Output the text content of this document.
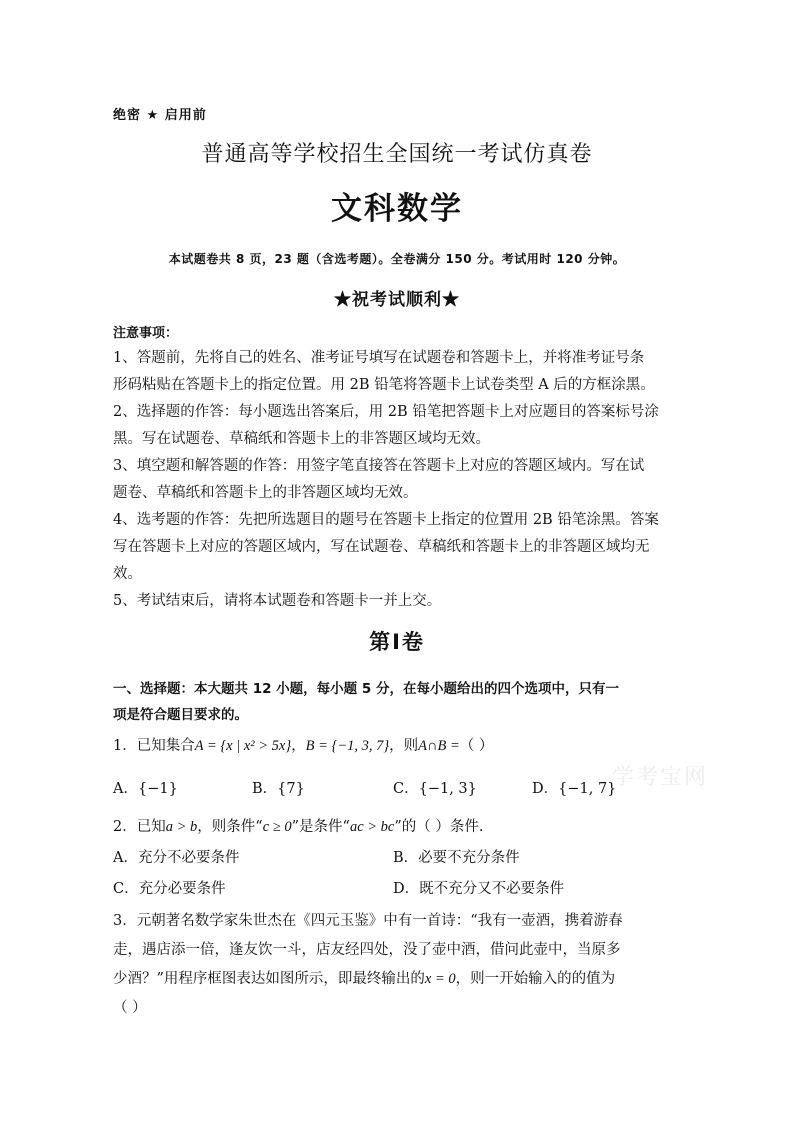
绝密 ★ 启用前
普通高等学校招生全国统一考试仿真卷
文科数学
本试题卷共 8 页，23 题（含选考题）。全卷满分 150 分。考试用时 120 分钟。
★祝考试顺利★
注意事项：
1、答题前，先将自己的姓名、准考证号填写在试题卷和答题卡上，并将准考证号条
形码粘贴在答题卡上的指定位置。用 2B 铅笔将答题卡上试卷类型 A 后的方框涂黑。
2、选择题的作答：每小题选出答案后，用 2B 铅笔把答题卡上对应题目的答案标号涂
黑。写在试题卷、草稿纸和答题卡上的非答题区域均无效。
3、填空题和解答题的作答：用签字笔直接答在答题卡上对应的答题区域内。写在试
题卷、草稿纸和答题卡上的非答题区域均无效。
4、选考题的作答：先把所选题目的题号在答题卡上指定的位置用 2B 铅笔涂黑。答案
写在答题卡上对应的答题区域内，写在试题卷、草稿纸和答题卡上的非答题区域均无
效。
5、考试结束后，请将本试题卷和答题卡一并上交。
第Ⅰ卷
一、选择题：本大题共 12 小题，每小题 5 分，在每小题给出的四个选项中，只有一
项是符合题目要求的。
1．已知集合A = {x | x² > 5x}，B = {−1, 3, 7}，则A∩B =（ ）
A．{−1}	B．{7}	C．{−1, 3}	D．{−1, 7}
2．已知a > b，则条件“c ≥ 0”是条件“ac > bc”的（ ）条件.
A．充分不必要条件	B．必要不充分条件
C．充分必要条件	D．既不充分又不必要条件
3．元朝著名数学家朱世杰在《四元玉鉴》中有一首诗：“我有一壶酒，携着游春
走，遇店添一倍，逢友饮一斗，店友经四处，没了壶中酒，借问此壶中，当原多
少酒？”用程序框图表达如图所示，即最终输出的x = 0，则一开始输入的的值为
（ ）
学考宝网
